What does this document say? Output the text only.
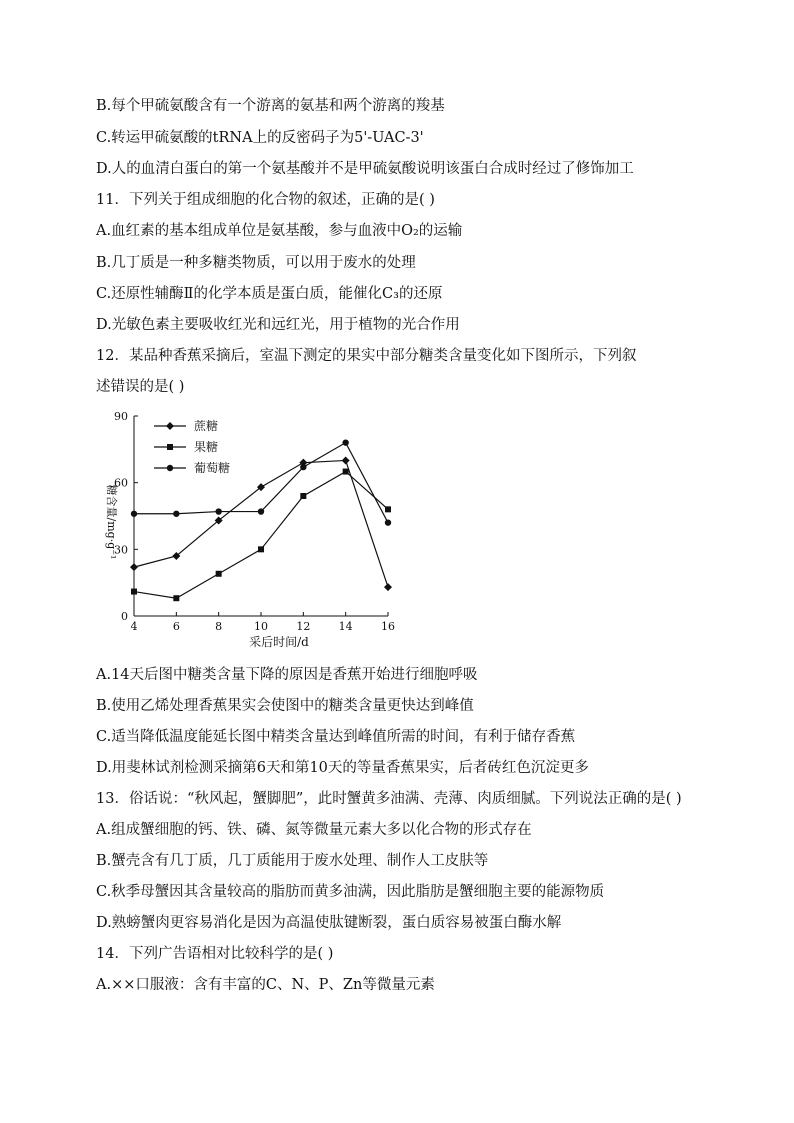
B.每个甲硫氨酸含有一个游离的氨基和两个游离的羧基
C.转运甲硫氨酸的tRNA上的反密码子为5'-UAC-3'
D.人的血清白蛋白的第一个氨基酸并不是甲硫氨酸说明该蛋白合成时经过了修饰加工
11．下列关于组成细胞的化合物的叙述，正确的是( )
A.血红素的基本组成单位是氨基酸，参与血液中O₂的运输
B.几丁质是一种多糖类物质，可以用于废水的处理
C.还原性辅酶Ⅱ的化学本质是蛋白质，能催化C₃的还原
D.光敏色素主要吸收红光和远红光，用于植物的光合作用
12．某品种香蕉采摘后，室温下测定的果实中部分糖类含量变化如下图所示，下列叙
述错误的是( )
0
30
60
90
4	6	8	10	12	14	16
蔗糖
果糖
葡萄糖
采后时间/d
糖含量/mg·g⁻¹
A.14天后图中糖类含量下降的原因是香蕉开始进行细胞呼吸
B.使用乙烯处理香蕉果实会使图中的糖类含量更快达到峰值
C.适当降低温度能延长图中精类含量达到峰值所需的时间，有利于储存香蕉
D.用斐林试剂检测采摘第6天和第10天的等量香蕉果实，后者砖红色沉淀更多
13．俗话说：“秋风起，蟹脚肥”，此时蟹黄多油满、壳薄、肉质细腻。下列说法正确的是( )
A.组成蟹细胞的钙、铁、磷、氮等微量元素大多以化合物的形式存在
B.蟹壳含有几丁质，几丁质能用于废水处理、制作人工皮肤等
C.秋季母蟹因其含量较高的脂肪而黄多油满，因此脂肪是蟹细胞主要的能源物质
D.熟螃蟹肉更容易消化是因为高温使肽键断裂，蛋白质容易被蛋白酶水解
14．下列广告语相对比较科学的是( )
A.××口服液：含有丰富的C、N、P、Zn等微量元素
